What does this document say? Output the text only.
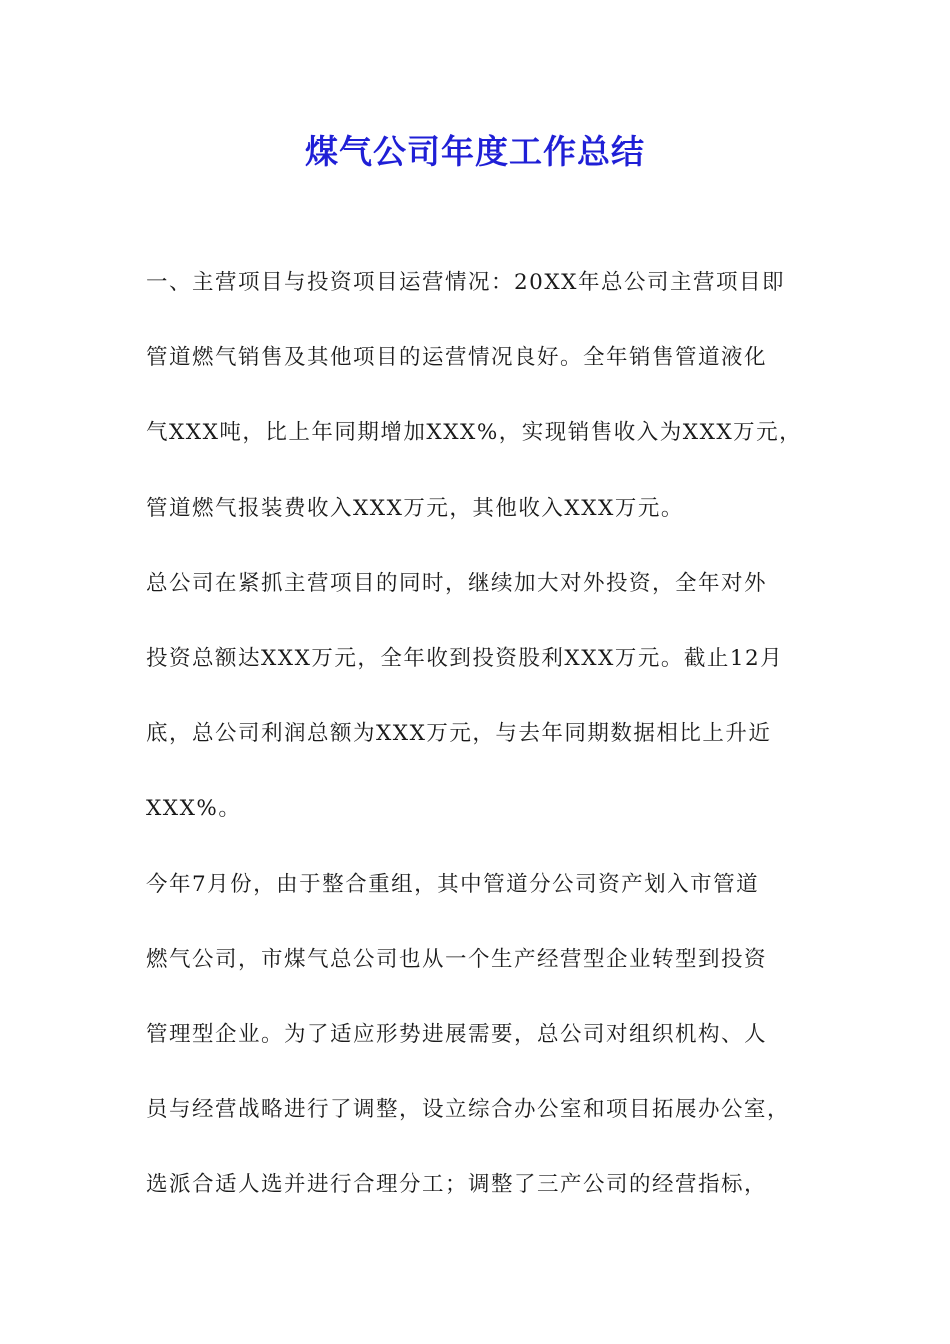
煤气公司年度工作总结
一、主营项目与投资项目运营情况：20XX年总公司主营项目即
管道燃气销售及其他项目的运营情况良好。全年销售管道液化
气XXX吨，比上年同期增加XXX%，实现销售收入为XXX万元，
管道燃气报装费收入XXX万元，其他收入XXX万元。
总公司在紧抓主营项目的同时，继续加大对外投资，全年对外
投资总额达XXX万元，全年收到投资股利XXX万元。截止12月
底，总公司利润总额为XXX万元，与去年同期数据相比上升近
XXX%。
今年7月份，由于整合重组，其中管道分公司资产划入市管道
燃气公司，市煤气总公司也从一个生产经营型企业转型到投资
管理型企业。为了适应形势进展需要，总公司对组织机构、人
员与经营战略进行了调整，设立综合办公室和项目拓展办公室，
选派合适人选并进行合理分工；调整了三产公司的经营指标，
